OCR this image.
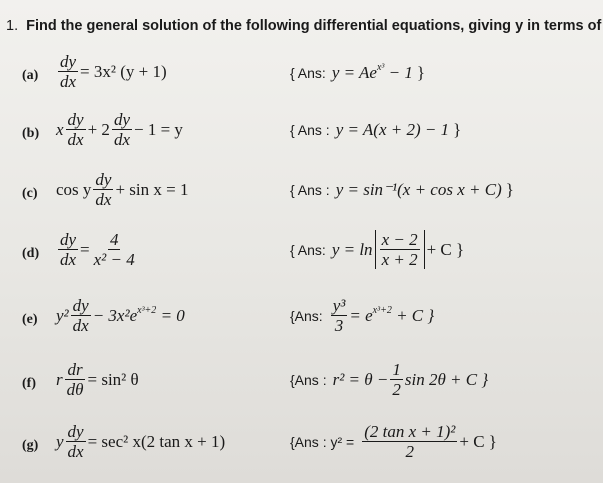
1. Find the general solution of the following differential equations, giving y in terms of
$(a) \frac{dy}{dx} = 3x^2$ (y + 1)	{ Ans: $y = Ae^{x^3} - 1$ }
(b) x $\frac{dy}{dx} + 2 \frac{dy}{dx} - 1 = y$	{ Ans : y = A(x + 2) − 1 }
(c) cos y $\frac{dy}{dx} + \sin x = 1$	{ Ans : y = sin⁻¹(x + cos x + C) }
$(d) \frac{dy}{dx} = \frac{4}{\text{x² − 4}}$	{ Ans: $y = \ln \frac{x - 2}{x + 2} + C$ }
(e) $y^2 \frac{dy}{dx} - 3x^2e^{x^3+2} = 0$	{Ans: $\frac{\text{y³}}{3} = e^{x^3+2} + C$ }
(f) r $\frac{dr}{d\theta} = \sin^2$ θ	{Ans : $r^2 = \theta - \frac{1}{2}$ sin 2θ + C }
(g) y $\frac{dy}{dx} = \sec^2$ x(2 tan x + 1)	{Ans : $y^2 = \frac{\text{(2 tan x + 1)²}}{2} + C$ }
